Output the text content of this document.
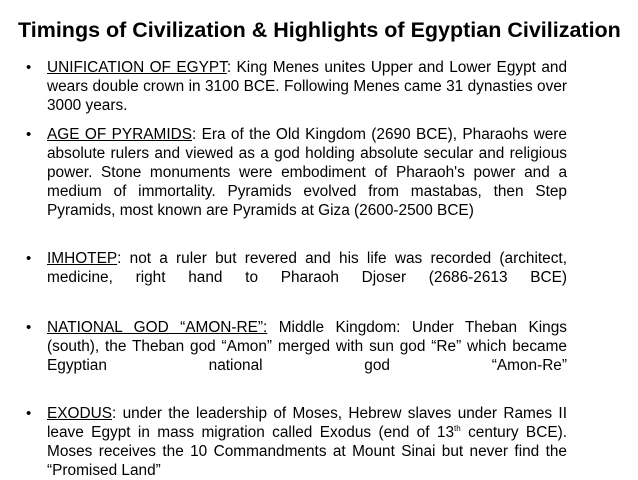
Timings of Civilization & Highlights of Egyptian Civilization
• UNIFICATION OF EGYPT: King Menes unites Upper and Lower Egypt and wears double crown in 3100 BCE. Following Menes came 31 dynasties over 3000 years.
• AGE OF PYRAMIDS: Era of the Old Kingdom (2690 BCE), Pharaohs were absolute rulers and viewed as a god holding absolute secular and religious power. Stone monuments were embodiment of Pharaoh's power and a medium of immortality. Pyramids evolved from mastabas, then Step Pyramids, most known are Pyramids at Giza (2600-2500 BCE)
• IMHOTEP: not a ruler but revered and his life was recorded (architect, medicine, right hand to Pharaoh Djoser (2686-2613 BCE)
• NATIONAL GOD “AMON-RE”: Middle Kingdom: Under Theban Kings (south), the Theban god “Amon” merged with sun god “Re” which became Egyptian national god “Amon-Re”
• EXODUS: under the leadership of Moses, Hebrew slaves under Rames II leave Egypt in mass migration called Exodus (end of 13th century BCE). Moses receives the 10 Commandments at Mount Sinai but never find the “Promised Land”
